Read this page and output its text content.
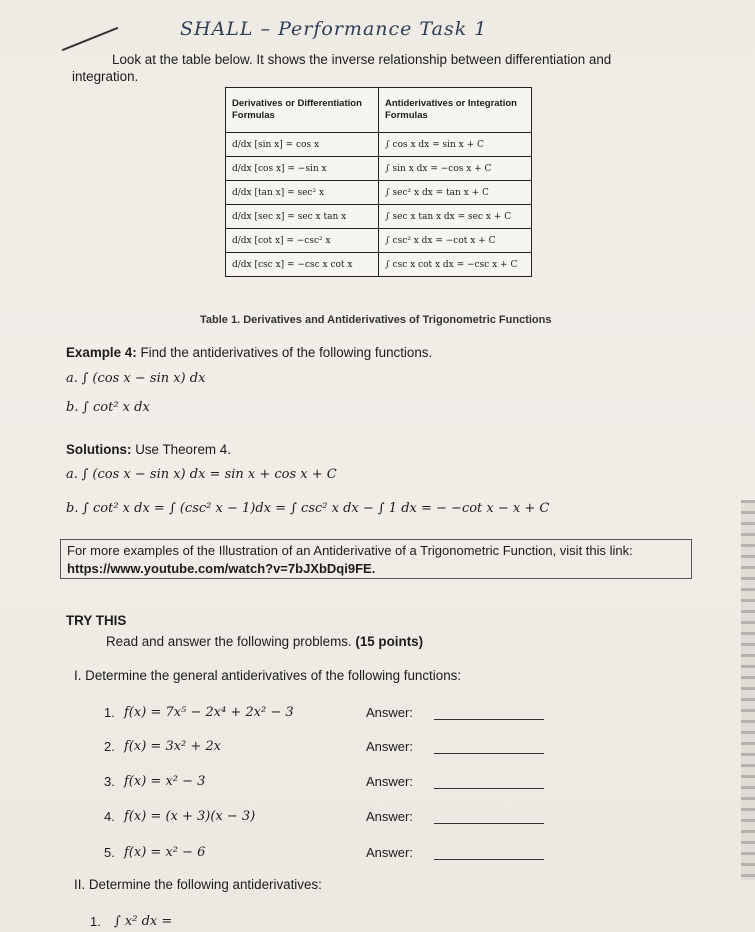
SHALL – Performance Task 1
Look at the table below. It shows the inverse relationship between differentiation and
integration.
Derivatives or Differentiation Formulas	Antiderivatives or Integration Formulas
d/dx [sin x] = cos x	∫ cos x dx = sin x + C
d/dx [cos x] = −sin x	∫ sin x dx = −cos x + C
d/dx [tan x] = sec² x	∫ sec² x dx = tan x + C
d/dx [sec x] = sec x tan x	∫ sec x tan x dx = sec x + C
d/dx [cot x] = −csc² x	∫ csc² x dx = −cot x + C
d/dx [csc x] = −csc x cot x	∫ csc x cot x dx = −csc x + C
Table 1. Derivatives and Antiderivatives of Trigonometric Functions
Example 4: Find the antiderivatives of the following functions.
a. ∫ (cos x − sin x) dx
b. ∫ cot² x dx
Solutions: Use Theorem 4.
a. ∫ (cos x − sin x) dx = sin x + cos x + C
b. ∫ cot² x dx = ∫ (csc² x − 1)dx = ∫ csc² x dx − ∫ 1 dx = − −cot x − x + C
For more examples of the Illustration of an Antiderivative of a Trigonometric Function, visit this link:
https://www.youtube.com/watch?v=7bJXbDqi9FE.
TRY THIS
Read and answer the following problems. (15 points)
I. Determine the general antiderivatives of the following functions:
1. f(x) = 7x⁵ − 2x⁴ + 2x² − 3	Answer:
2. f(x) = 3x² + 2x	Answer:
3. f(x) = x² − 3	Answer:
4. f(x) = (x + 3)(x − 3)	Answer:
5. f(x) = x² − 6	Answer:
II. Determine the following antiderivatives:
1. ∫ x² dx =
